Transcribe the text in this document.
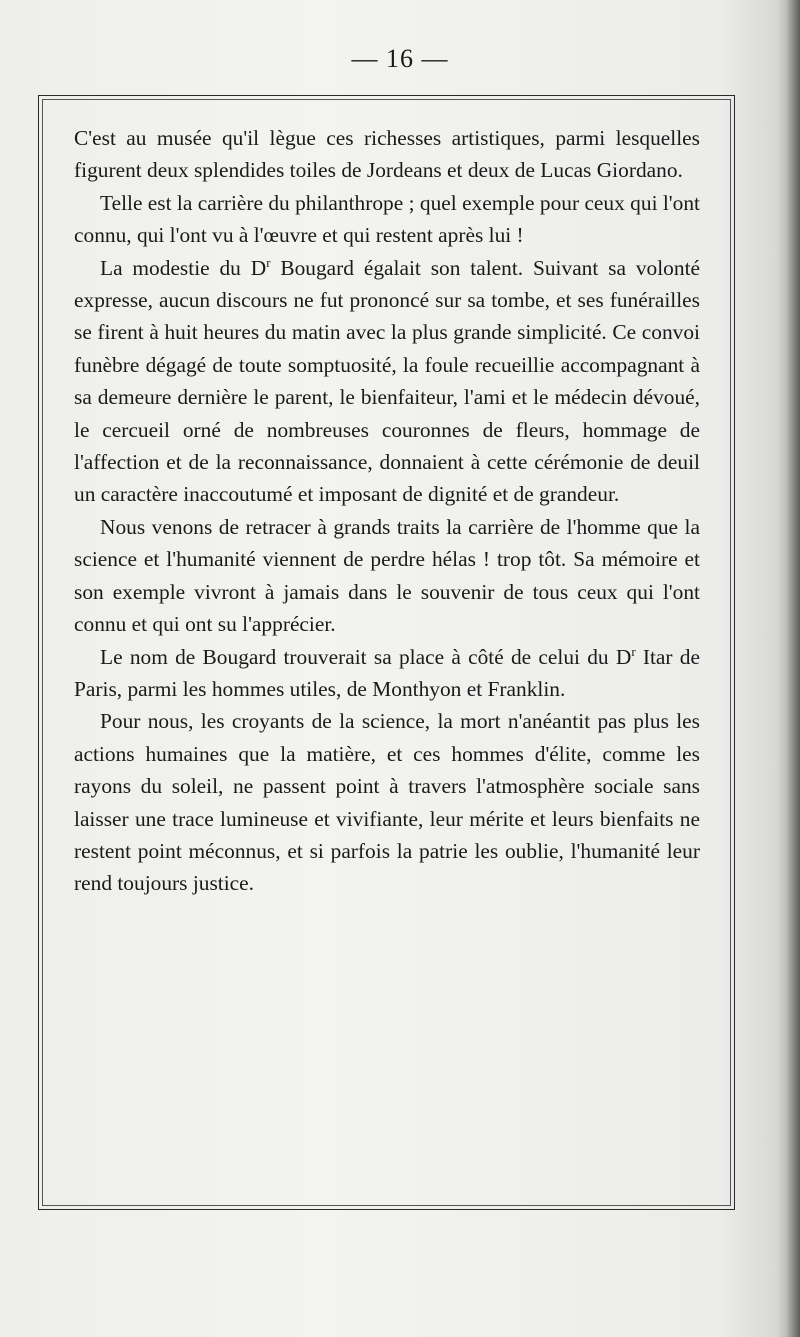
— 16 —

C'est au musée qu'il lègue ces richesses artistiques, parmi lesquelles figurent deux splendides toiles de Jordeans et deux de Lucas Giordano.

Telle est la carrière du philanthrope ; quel exemple pour ceux qui l'ont connu, qui l'ont vu à l'œuvre et qui restent après lui !

La modestie du $D^r$ Bougard égalait son talent. Suivant sa volonté expresse, aucun discours ne fut prononcé sur sa tombe, et ses funérailles se firent à huit heures du matin avec la plus grande simplicité. Ce convoi funèbre dégagé de toute somptuosité, la foule recueillie accompagnant à sa demeure dernière le parent, le bienfaiteur, l'ami et le médecin dévoué, le cercueil orné de nombreuses couronnes de fleurs, hommage de l'affection et de la reconnaissance, donnaient à cette cérémonie de deuil un caractère inaccoutumé et imposant de dignité et de grandeur.

Nous venons de retracer à grands traits la carrière de l'homme que la science et l'humanité viennent de perdre hélas ! trop tôt. Sa mémoire et son exemple vivront à jamais dans le souvenir de tous ceux qui l'ont connu et qui ont su l'apprécier.

Le nom de Bougard trouverait sa place à côté de celui du $D^r$ Itar de Paris, parmi les hommes utiles, de Monthyon et Franklin.

Pour nous, les croyants de la science, la mort n'anéantit pas plus les actions humaines que la matière, et ces hommes d'élite, comme les rayons du soleil, ne passent point à travers l'atmosphère sociale sans laisser une trace lumineuse et vivifiante, leur mérite et leurs bienfaits ne restent point méconnus, et si parfois la patrie les oublie, l'humanité leur rend toujours justice.
